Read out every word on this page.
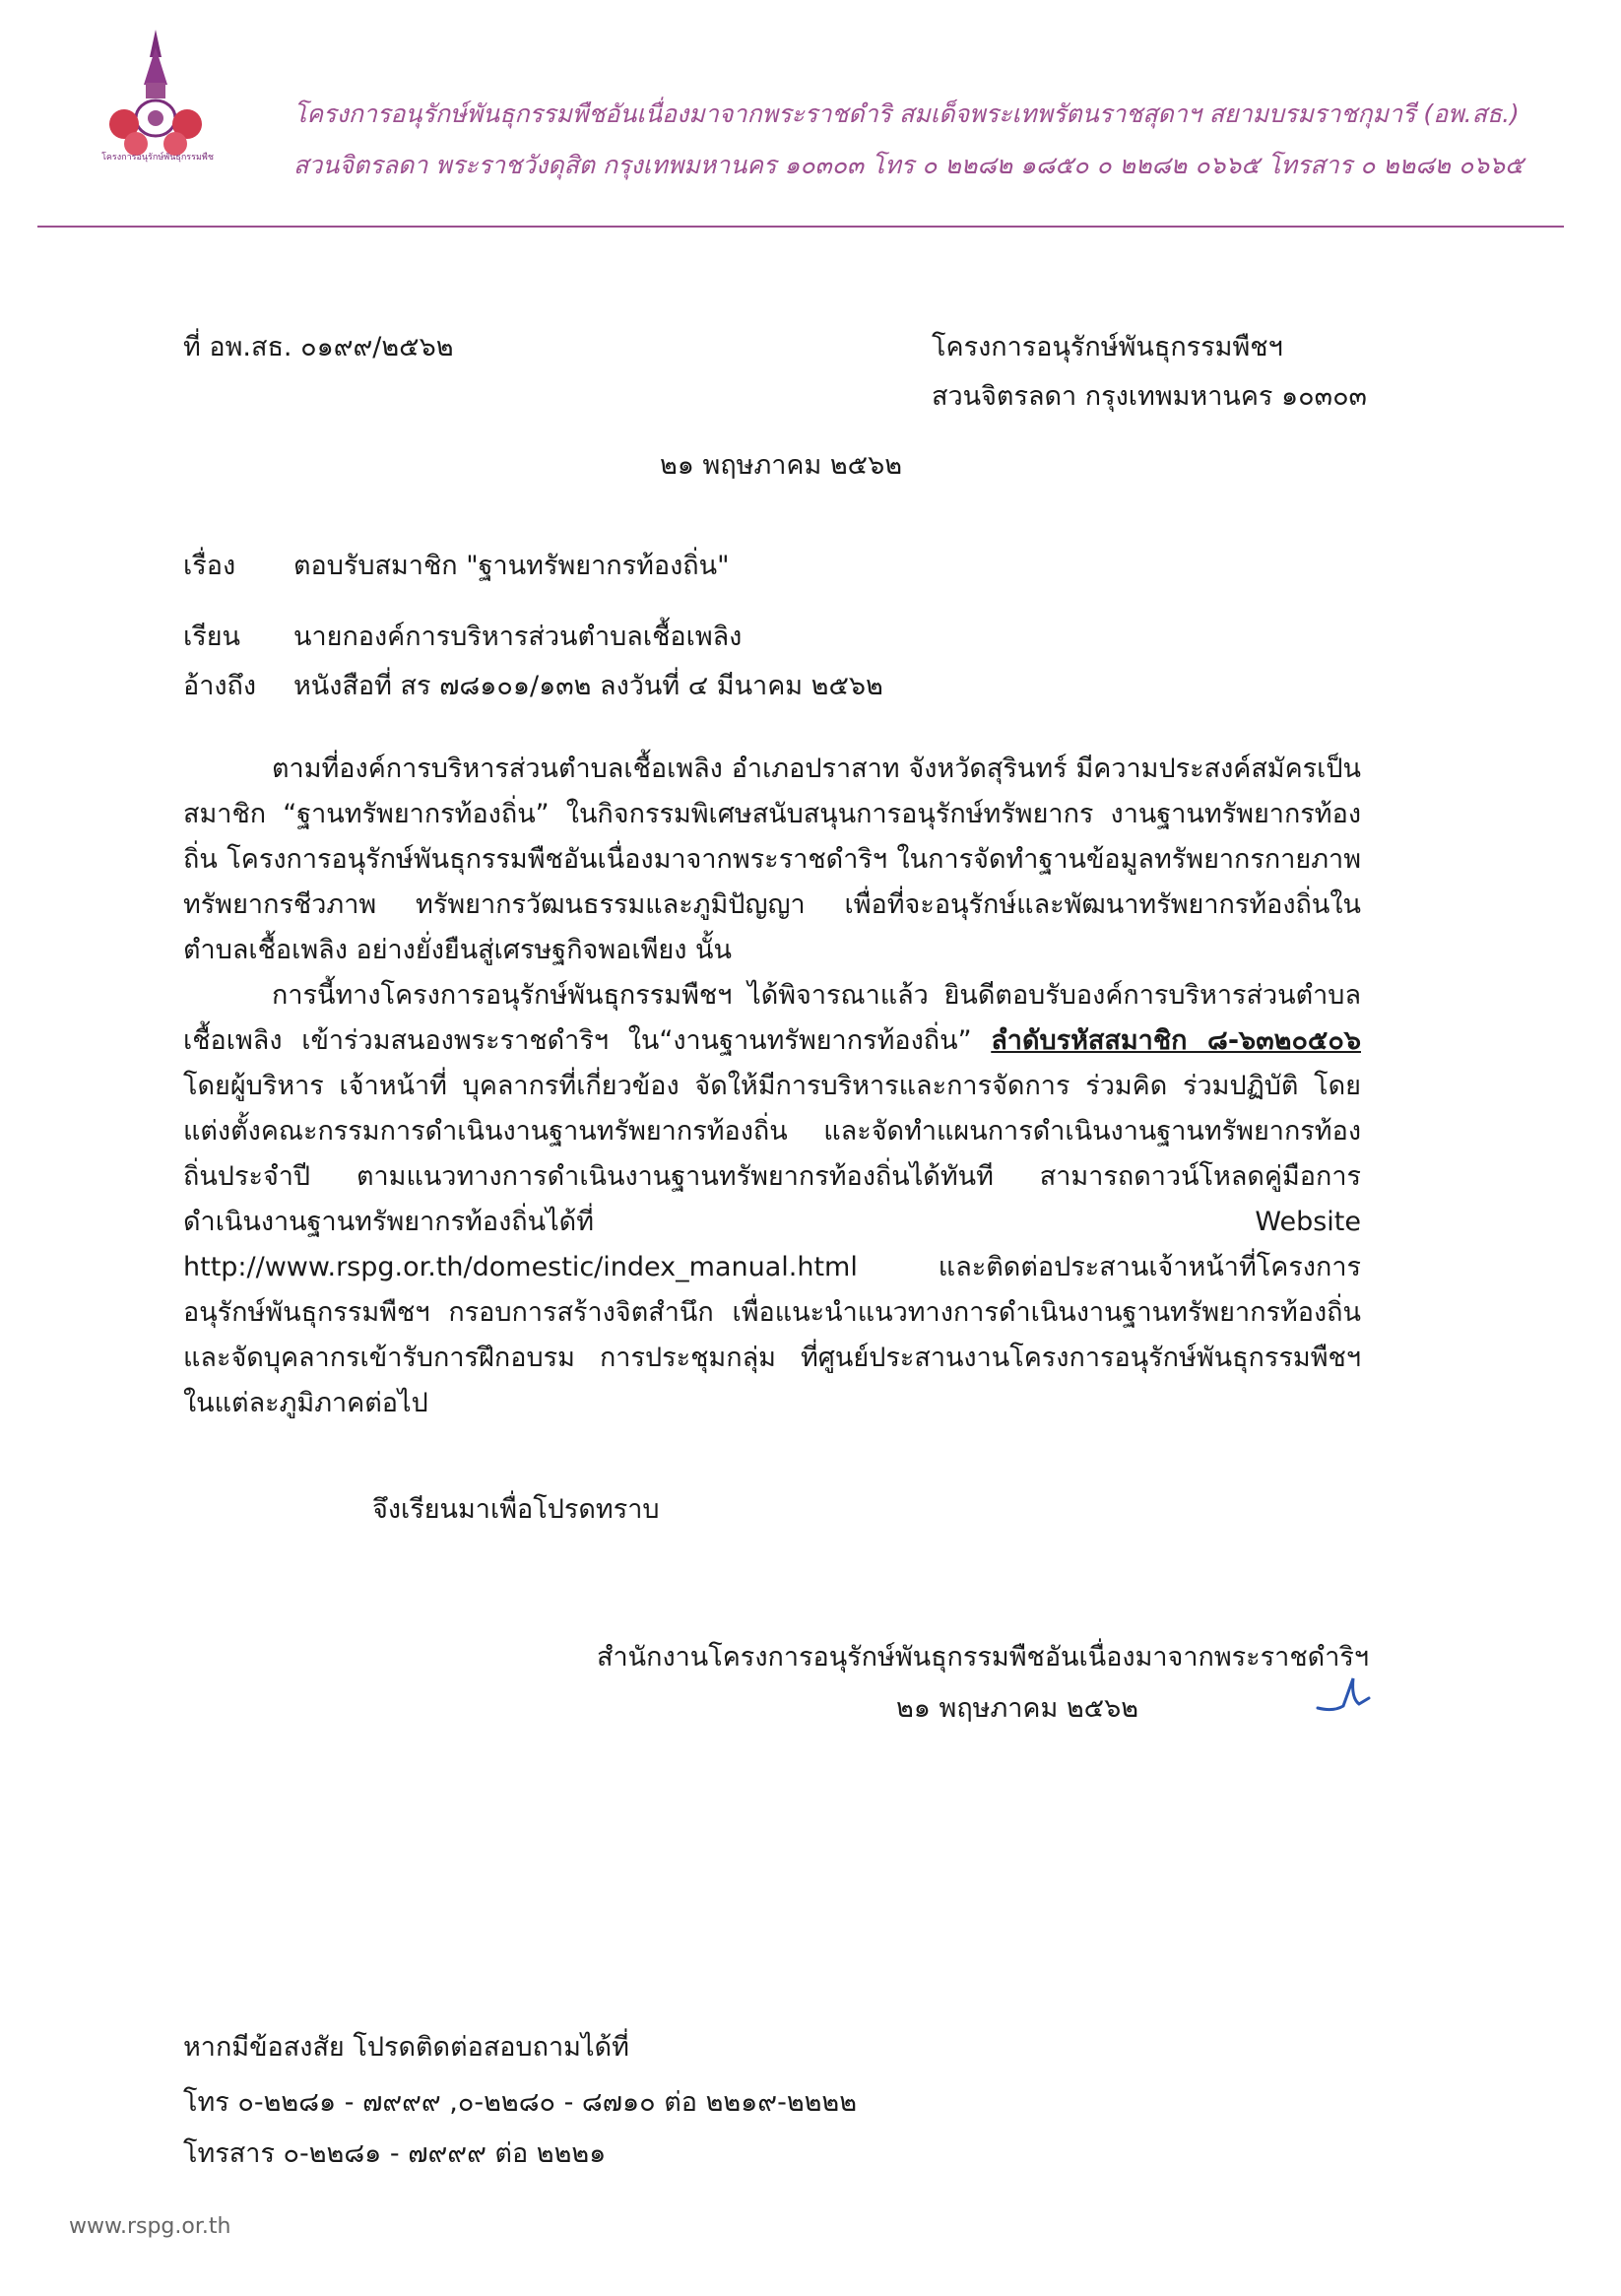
โครงการอนุรักษ์พันธุกรรมพืช
โครงการอนุรักษ์พันธุกรรมพืชอันเนื่องมาจากพระราชดำริ สมเด็จพระเทพรัตนราชสุดาฯ สยามบรมราชกุมารี (อพ.สธ.)
สวนจิตรลดา พระราชวังดุสิต กรุงเทพมหานคร ๑๐๓๐๓ โทร ๐ ๒๒๘๒ ๑๘๕๐ ๐ ๒๒๘๒ ๐๖๖๕ โทรสาร ๐ ๒๒๘๒ ๐๖๖๕
ที่ อพ.สธ. ๐๑๙๙/๒๕๖๒	โครงการอนุรักษ์พันธุกรรมพืชฯ
สวนจิตรลดา กรุงเทพมหานคร ๑๐๓๐๓
๒๑ พฤษภาคม ๒๕๖๒
เรื่อง ตอบรับสมาชิก "ฐานทรัพยากรท้องถิ่น"
เรียน นายกองค์การบริหารส่วนตำบลเชื้อเพลิง
อ้างถึง หนังสือที่ สร ๗๘๑๐๑/๑๓๒ ลงวันที่ ๔ มีนาคม ๒๕๖๒

ตามที่องค์การบริหารส่วนตำบลเชื้อเพลิง อำเภอปราสาท จังหวัดสุรินทร์ มีความประสงค์สมัครเป็นสมาชิก “ฐานทรัพยากรท้องถิ่น” ในกิจกรรมพิเศษสนับสนุนการอนุรักษ์ทรัพยากร งานฐานทรัพยากรท้องถิ่น โครงการอนุรักษ์พันธุกรรมพืชอันเนื่องมาจากพระราชดำริฯ ในการจัดทำฐานข้อมูลทรัพยากรกายภาพ ทรัพยากรชีวภาพ ทรัพยากรวัฒนธรรมและภูมิปัญญา เพื่อที่จะอนุรักษ์และพัฒนาทรัพยากรท้องถิ่นในตำบลเชื้อเพลิง อย่างยั่งยืนสู่เศรษฐกิจพอเพียง นั้น

การนี้ทางโครงการอนุรักษ์พันธุกรรมพืชฯ ได้พิจารณาแล้ว ยินดีตอบรับองค์การบริหารส่วนตำบลเชื้อเพลิง เข้าร่วมสนองพระราชดำริฯ ใน“งานฐานทรัพยากรท้องถิ่น” ลำดับรหัสสมาชิก ๘-๖๓๒๐๕๐๖ โดยผู้บริหาร เจ้าหน้าที่ บุคลากรที่เกี่ยวข้อง จัดให้มีการบริหารและการจัดการ ร่วมคิด ร่วมปฏิบัติ โดยแต่งตั้งคณะกรรมการดำเนินงานฐานทรัพยากรท้องถิ่น และจัดทำแผนการดำเนินงานฐานทรัพยากรท้องถิ่นประจำปี ตามแนวทางการดำเนินงานฐานทรัพยากรท้องถิ่นได้ทันที สามารถดาวน์โหลดคู่มือการดำเนินงานฐานทรัพยากรท้องถิ่นได้ที่ Website http://www.rspg.or.th/domestic/index_manual.html และติดต่อประสานเจ้าหน้าที่โครงการอนุรักษ์พันธุกรรมพืชฯ กรอบการสร้างจิตสำนึก เพื่อแนะนำแนวทางการดำเนินงานฐานทรัพยากรท้องถิ่น และจัดบุคลากรเข้ารับการฝึกอบรม การประชุมกลุ่ม ที่ศูนย์ประสานงานโครงการอนุรักษ์พันธุกรรมพืชฯ ในแต่ละภูมิภาคต่อไป

จึงเรียนมาเพื่อโปรดทราบ
สำนักงานโครงการอนุรักษ์พันธุกรรมพืชอันเนื่องมาจากพระราชดำริฯ
๒๑ พฤษภาคม ๒๕๖๒
หากมีข้อสงสัย โปรดติดต่อสอบถามได้ที่
โทร ๐-๒๒๘๑ - ๗๙๙๙ ,๐-๒๒๘๐ - ๘๗๑๐ ต่อ ๒๒๑๙-๒๒๒๒
โทรสาร ๐-๒๒๘๑ - ๗๙๙๙ ต่อ ๒๒๒๑
www.rspg.or.th
